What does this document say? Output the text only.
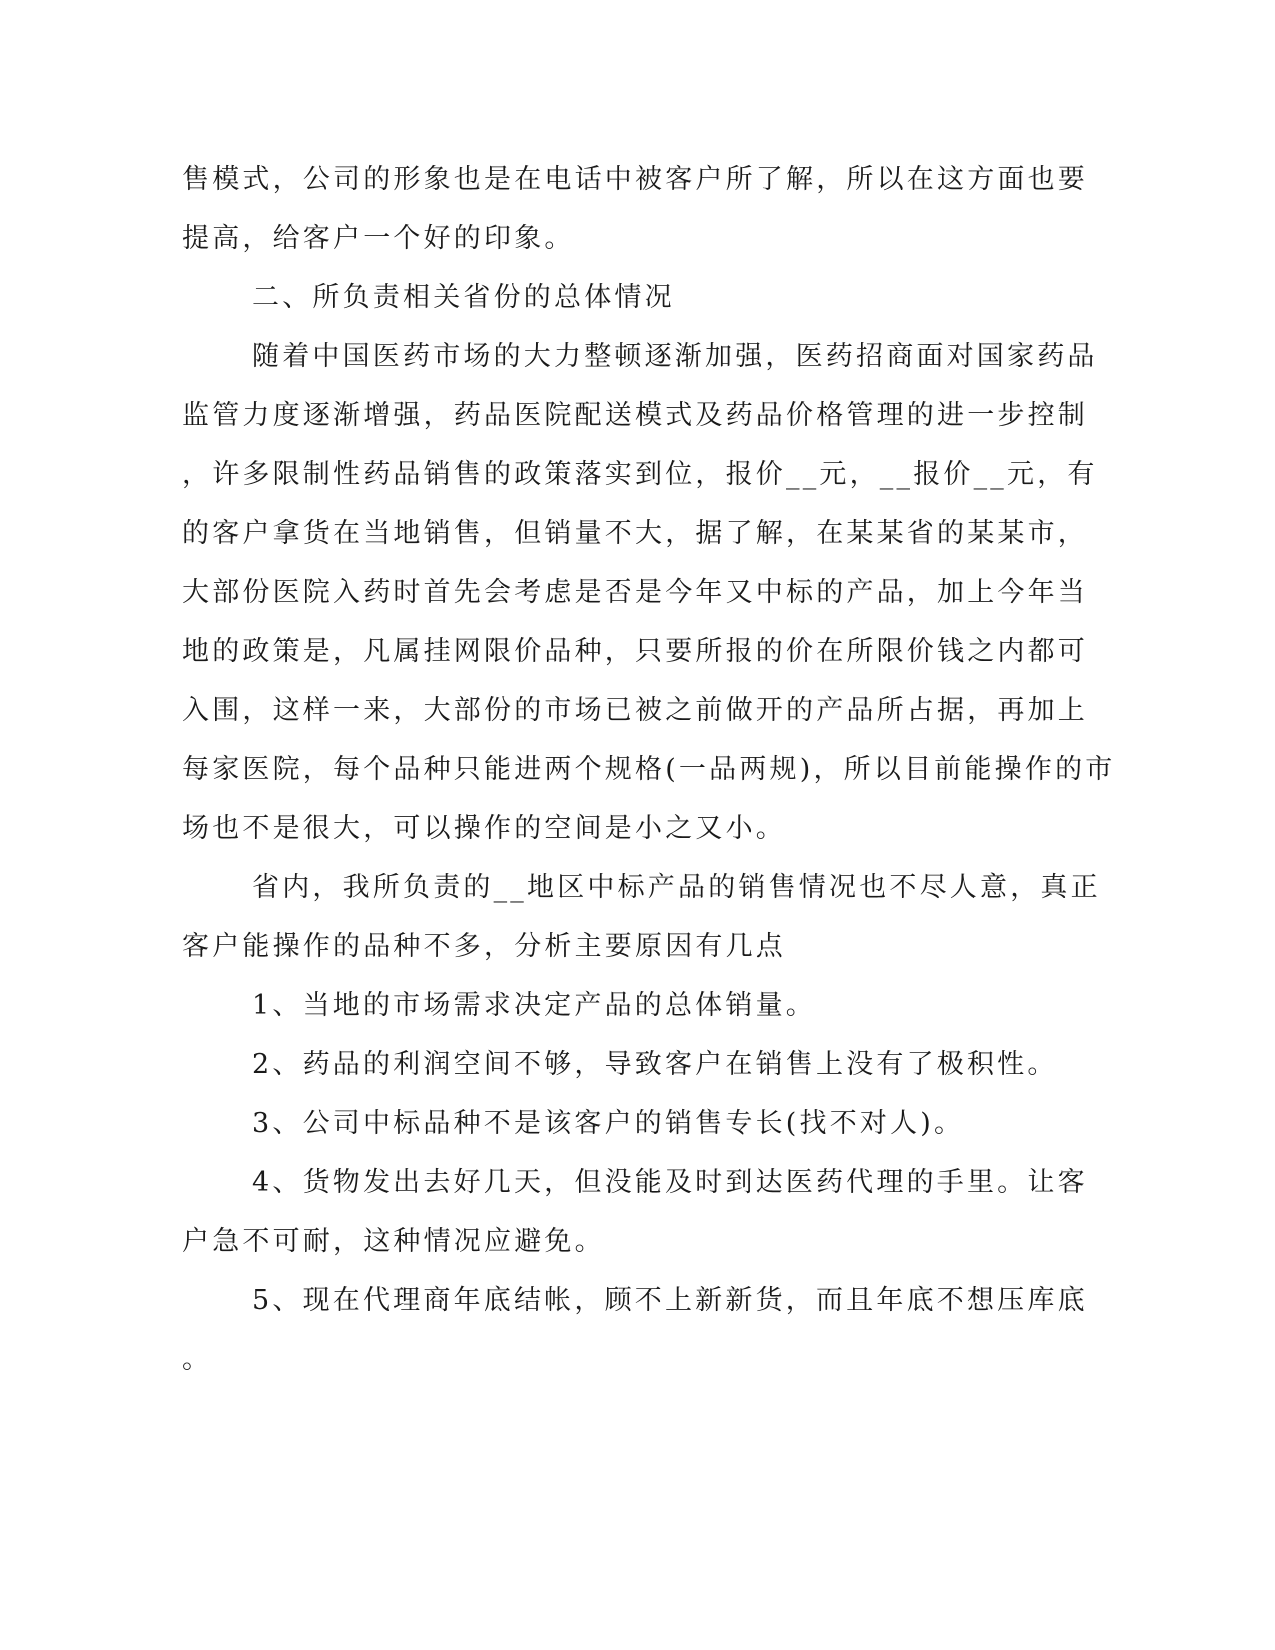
售模式，公司的形象也是在电话中被客户所了解，所以在这方面也要

提高，给客户一个好的印象。

二、所负责相关省份的总体情况

随着中国医药市场的大力整顿逐渐加强，医药招商面对国家药品

监管力度逐渐增强，药品医院配送模式及药品价格管理的进一步控制

，许多限制性药品销售的政策落实到位，报价__元，__报价__元，有

的客户拿货在当地销售，但销量不大，据了解，在某某省的某某市，

大部份医院入药时首先会考虑是否是今年又中标的产品，加上今年当

地的政策是，凡属挂网限价品种，只要所报的价在所限价钱之内都可

入围，这样一来，大部份的市场已被之前做开的产品所占据，再加上

每家医院，每个品种只能进两个规格(一品两规)，所以目前能操作的市

场也不是很大，可以操作的空间是小之又小。

省内，我所负责的__地区中标产品的销售情况也不尽人意，真正

客户能操作的品种不多，分析主要原因有几点

1、当地的市场需求决定产品的总体销量。

2、药品的利润空间不够，导致客户在销售上没有了极积性。

3、公司中标品种不是该客户的销售专长(找不对人)。

4、货物发出去好几天，但没能及时到达医药代理的手里。让客

户急不可耐，这种情况应避免。

5、现在代理商年底结帐，顾不上新新货，而且年底不想压库底

。
